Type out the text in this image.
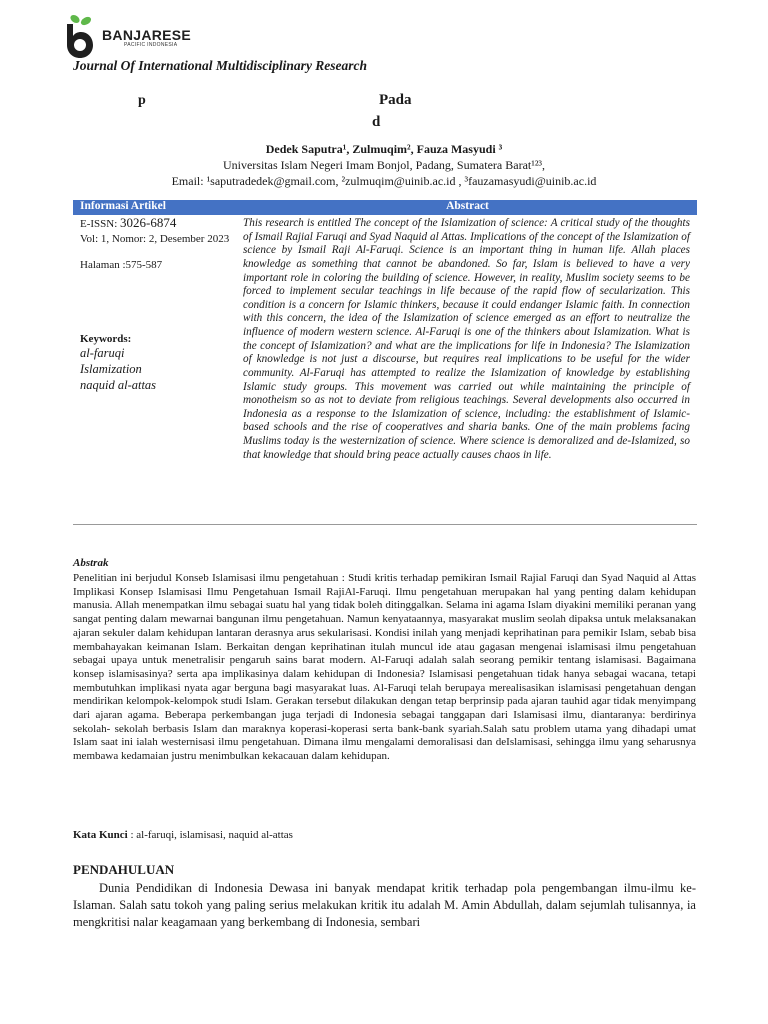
BANJARESE
PACIFIC INDONESIA
Journal Of International Multidisciplinary Research
p	Pada
d
Dedek Saputra¹, Zulmuqim², Fauza Masyudi ³
Universitas Islam Negeri Imam Bonjol, Padang, Sumatera Barat¹²³,
Email: ¹saputradedek@gmail.com, ²zulmuqim@uinib.ac.id , ³fauzamasyudi@uinib.ac.id
Informasi Artikel	Abstract
E-ISSN: 3026-6874
Vol: 1, Nomor: 2, Desember 2023
Halaman :575-587
Keywords:
al-faruqi
Islamization
naquid al-attas
This research is entitled The concept of the Islamization of science: A critical study of the thoughts of Ismail Rajial Faruqi and Syad Naquid al Attas. Implications of the concept of the Islamization of science by Ismail Raji Al-Faruqi. Science is an important thing in human life. Allah places knowledge as something that cannot be abandoned. So far, Islam is believed to have a very important role in coloring the building of science. However, in reality, Muslim society seems to be forced to implement secular teachings in life because of the rapid flow of secularization. This condition is a concern for Islamic thinkers, because it could endanger Islamic faith. In connection with this concern, the idea of the Islamization of science emerged as an effort to neutralize the influence of modern western science. Al-Faruqi is one of the thinkers about Islamization. What is the concept of Islamization? and what are the implications for life in Indonesia? The Islamization of knowledge is not just a discourse, but requires real implications to be useful for the wider community. Al-Faruqi has attempted to realize the Islamization of knowledge by establishing Islamic study groups. This movement was carried out while maintaining the principle of monotheism so as not to deviate from religious teachings. Several developments also occurred in Indonesia as a response to the Islamization of science, including: the establishment of Islamic-based schools and the rise of cooperatives and sharia banks. One of the main problems facing Muslims today is the westernization of science. Where science is demoralized and de-Islamized, so that knowledge that should bring peace actually causes chaos in life.
Abstrak
Penelitian ini berjudul Konseb Islamisasi ilmu pengetahuan : Studi kritis terhadap pemikiran Ismail Rajial Faruqi dan Syad Naquid al Attas Implikasi Konsep Islamisasi Ilmu Pengetahuan Ismail RajiAl-Faruqi. Ilmu pengetahuan merupakan hal yang penting dalam kehidupan manusia. Allah menempatkan ilmu sebagai suatu hal yang tidak boleh ditinggalkan. Selama ini agama Islam diyakini memiliki peranan yang sangat penting dalam mewarnai bangunan ilmu pengetahuan. Namun kenyataannya, masyarakat muslim seolah dipaksa untuk melaksanakan ajaran sekuler dalam kehidupan lantaran derasnya arus sekularisasi. Kondisi inilah yang menjadi keprihatinan para pemikir Islam, sebab bisa membahayakan keimanan Islam. Berkaitan dengan keprihatinan itulah muncul ide atau gagasan mengenai islamisasi ilmu pengetahuan sebagai upaya untuk menetralisir pengaruh sains barat modern. Al-Faruqi adalah salah seorang pemikir tentang islamisasi. Bagaimana konsep islamisasinya? serta apa implikasinya dalam kehidupan di Indonesia? Islamisasi pengetahuan tidak hanya sebagai wacana, tetapi membutuhkan implikasi nyata agar berguna bagi masyarakat luas. Al-Faruqi telah berupaya merealisasikan islamisasi pengetahuan dengan mendirikan kelompok-kelompok studi Islam. Gerakan tersebut dilakukan dengan tetap berprinsip pada ajaran tauhid agar tidak menyimpang dari ajaran agama. Beberapa perkembangan juga terjadi di Indonesia sebagai tanggapan dari Islamisasi ilmu, diantaranya: berdirinya sekolah- sekolah berbasis Islam dan maraknya koperasi-koperasi serta bank-bank syariah.Salah satu problem utama yang dihadapi umat Islam saat ini ialah westernisasi ilmu pengetahuan. Dimana ilmu mengalami demoralisasi dan deIslamisasi, sehingga ilmu yang seharusnya membawa kedamaian justru menimbulkan kekacauan dalam kehidupan.
Kata Kunci : al-faruqi, islamisasi, naquid al-attas
PENDAHULUAN
Dunia Pendidikan di Indonesia Dewasa ini banyak mendapat kritik terhadap pola pengembangan ilmu-ilmu ke-Islaman. Salah satu tokoh yang paling serius melakukan kritik itu adalah M. Amin Abdullah, dalam sejumlah tulisannya, ia mengkritisi nalar keagamaan yang berkembang di Indonesia, sembari
